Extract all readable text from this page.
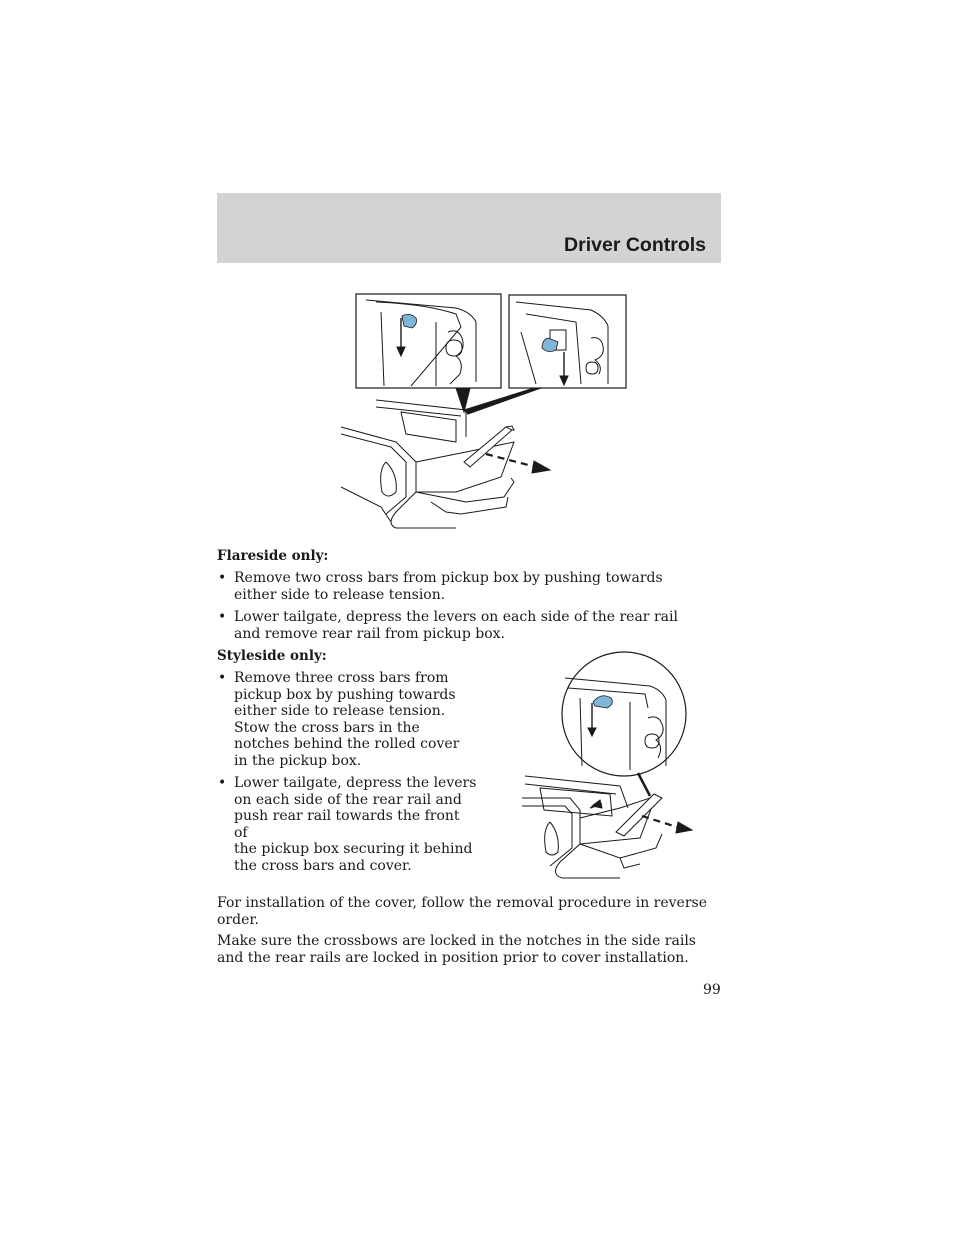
Driver Controls
Flareside only:
• Remove two cross bars from pickup box by pushing towards either side to release tension.
• Lower tailgate, depress the levers on each side of the rear rail and remove rear rail from pickup box.
Styleside only:
• Remove three cross bars from
pickup box by pushing towards
either side to release tension.
Stow the cross bars in the
notches behind the rolled cover
in the pickup box.
• Lower tailgate, depress the levers
on each side of the rear rail and
push rear rail towards the front of
the pickup box securing it behind
the cross bars and cover.
For installation of the cover, follow the removal procedure in reverse order.
Make sure the crossbows are locked in the notches in the side rails and the rear rails are locked in position prior to cover installation.
99
